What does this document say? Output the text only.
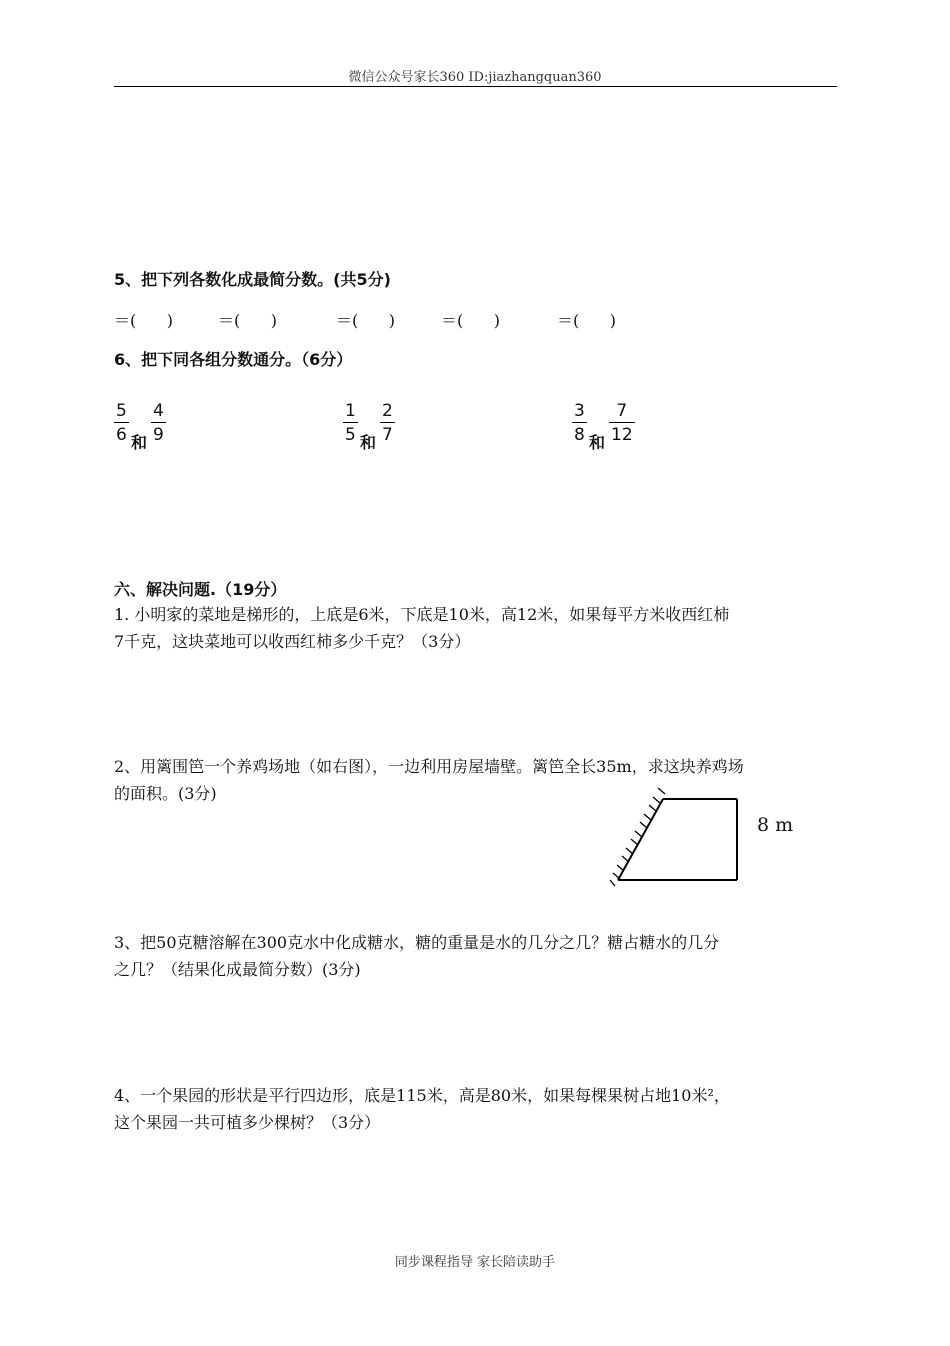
微信公众号家长360 ID:jiazhangquan360
5、把下列各数化成最简分数。(共5分)
＝(      )	＝(      )	＝(      )	＝(      )	＝(      )
6、把下同各组分数通分。（6分）
5
6 和
4
9
1
5 和
2
7
3
8 和
7
12
六、解决问题.（19分）
1. 小明家的菜地是梯形的，上底是6米，下底是10米，高12米，如果每平方米收西红柿
7千克，这块菜地可以收西红柿多少千克？（3分）
2、用篱围笆一个养鸡场地（如右图），一边利用房屋墙壁。篱笆全长35m，求这块养鸡场
的面积。(3分)
8 m
3、把50克糖溶解在300克水中化成糖水，糖的重量是水的几分之几？糖占糖水的几分
之几？（结果化成最简分数）(3分)
4、一个果园的形状是平行四边形，底是115米，高是80米，如果每棵果树占地10米²，
这个果园一共可植多少棵树？（3分）
同步课程指导 家长陪读助手
